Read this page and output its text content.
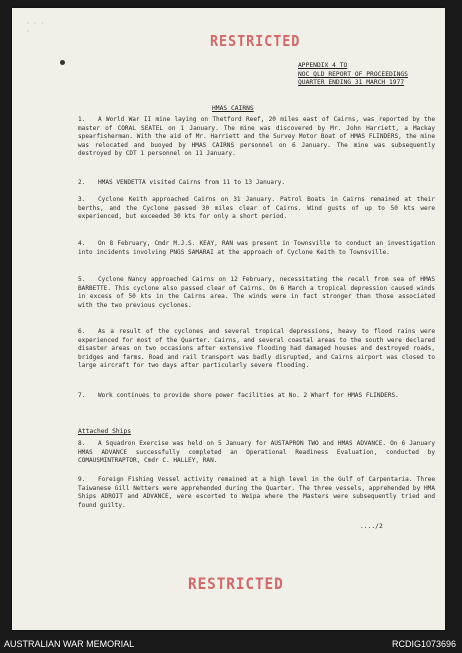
· · ·
·
RESTRICTED
APPENDIX 4 TO
NOC QLD REPORT OF PROCEEDINGS
QUARTER ENDING 31 MARCH 1977
HMAS CAIRNS
1. A World War II mine laying on Thetford Reef, 20 miles east of Cairns, was reported by the master of CORAL SEATEL on 1 January. The mine was discovered by Mr. John Harriett, a Mackay spearfisherman. With the aid of Mr. Harriett and the Survey Motor Boat of HMAS FLINDERS, the mine was relocated and buoyed by HMAS CAIRNS personnel on 6 January. The mine was subsequently destroyed by CDT 1 personnel on 11 January.
2. HMAS VENDETTA visited Cairns from 11 to 13 January.
3. Cyclone Keith approached Cairns on 31 January. Patrol Boats in Cairns remained at their berths, and the Cyclone passed 30 miles clear of Cairns. Wind gusts of up to 50 kts were experienced, but exceeded 30 kts for only a short period.
4. On 8 February, Cmdr M.J.S. KEAY, RAN was present in Townsville to conduct an investigation into incidents involving PNGS SAMARAI at the approach of Cyclone Keith to Townsville.
5. Cyclone Nancy approached Cairns on 12 February, necessitating the recall from sea of HMAS BARBETTE. This cyclone also passed clear of Cairns. On 6 March a tropical depression caused winds in excess of 50 kts in the Cairns area. The winds were in fact stronger than those associated with the two previous cyclones.
6. As a result of the cyclones and several tropical depressions, heavy to flood rains were experienced for most of the Quarter. Cairns, and several coastal areas to the south were declared disaster areas on two occasions after extensive flooding had damaged houses and destroyed roads, bridges and farms. Road and rail transport was badly disrupted, and Cairns airport was closed to large aircraft for two days after particularly severe flooding.
7. Work continues to provide shore power facilities at No. 2 Wharf for HMAS FLINDERS.
Attached Ships
8. A Squadron Exercise was held on 5 January for AUSTAPRON TWO and HMAS ADVANCE. On 6 January HMAS ADVANCE successfully completed an Operational Readiness Evaluation, conducted by COMAUSMINTRAPTOR, Cmdr C. HALLEY, RAN.
9. Foreign Fishing Vessel activity remained at a high level in the Gulf of Carpentaria. Three Taiwanese Gill Netters were apprehended during the Quarter. The three vessels, apprehended by HMA Ships ADROIT and ADVANCE, were escorted to Weipa where the Masters were subsequently tried and found guilty.
..../2
RESTRICTED
AUSTRALIAN WAR MEMORIAL	RCDIG1073696
